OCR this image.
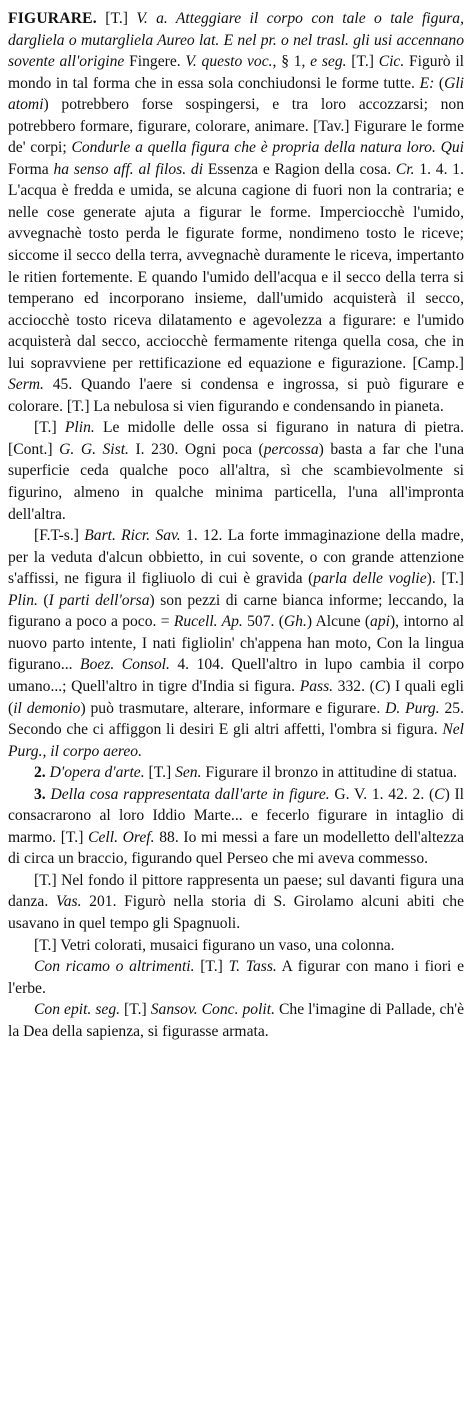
FIGURARE. [T.] V. a. Atteggiare il corpo con tale o tale figura, dargliela o mutargliela Aureo lat. E nel pr. o nel trasl. gli usi accennano sovente all'origine Fingere. V. questo voc., § 1, e seg. [T.] Cic. Figurò il mondo in tal forma che in essa sola conchiudonsi le forme tutte. E: (Gli atomi) potrebbero forse sospingersi, e tra loro accozzarsi; non potrebbero formare, figurare, colorare, animare. [Tav.] Figurare le forme de' corpi; Condurle a quella figura che è propria della natura loro. Qui Forma ha senso aff. al filos. di Essenza e Ragion della cosa. Cr. 1. 4. 1. L'acqua è fredda e umida, se alcuna cagione di fuori non la contraria; e nelle cose generate ajuta a figurar le forme. Imperciocchè l'umido, avvegnachè tosto perda le figurate forme, nondimeno tosto le riceve; siccome il secco della terra, avvegnachè duramente le riceva, impertanto le ritien fortemente. E quando l'umido dell'acqua e il secco della terra si temperano ed incorporano insieme, dall'umido acquisterà il secco, acciocchè tosto riceva dilatamento e agevolezza a figurare: e l'umido acquisterà dal secco, acciocchè fermamente ritenga quella cosa, che in lui sopravviene per rettificazione ed equazione e figurazione. [Camp.] Serm. 45. Quando l'aere si condensa e ingrossa, si può figurare e colorare. [T.] La nebulosa si vien figurando e condensando in pianeta.

[T.] Plin. Le midolle delle ossa si figurano in natura di pietra. [Cont.] G. G. Sist. I. 230. Ogni poca (percossa) basta a far che l'una superficie ceda qualche poco all'altra, sì che scambievolmente si figurino, almeno in qualche minima particella, l'una all'impronta dell'altra.

[F.T-s.] Bart. Ricr. Sav. 1. 12. La forte immaginazione della madre, per la veduta d'alcun obbietto, in cui sovente, o con grande attenzione s'affissi, ne figura il figliuolo di cui è gravida (parla delle voglie). [T.] Plin. (I parti dell'orsa) son pezzi di carne bianca informe; leccando, la figurano a poco a poco. = Rucell. Ap. 507. (Gh.) Alcune (api), intorno al nuovo parto intente, I nati figliolin' ch'appena han moto, Con la lingua figurano... Boez. Consol. 4. 104. Quell'altro in lupo cambia il corpo umano...; Quell'altro in tigre d'India si figura. Pass. 332. (C) I quali egli (il demonio) può trasmutare, alterare, informare e figurare. D. Purg. 25. Secondo che ci affiggon li desiri E gli altri affetti, l'ombra si figura. Nel Purg., il corpo aereo.

2. D'opera d'arte. [T.] Sen. Figurare il bronzo in attitudine di statua.

3. Della cosa rappresentata dall'arte in figure. G. V. 1. 42. 2. (C) Il consacrarono al loro Iddio Marte... e fecerlo figurare in intaglio di marmo. [T.] Cell. Oref. 88. Io mi messi a fare un modelletto dell'altezza di circa un braccio, figurando quel Perseo che mi aveva commesso.

[T.] Nel fondo il pittore rappresenta un paese; sul davanti figura una danza. Vas. 201. Figurò nella storia di S. Girolamo alcuni abiti che usavano in quel tempo gli Spagnuoli.

[T.] Vetri colorati, musaici figurano un vaso, una colonna.

Con ricamo o altrimenti. [T.] T. Tass. A figurar con mano i fiori e l'erbe.

Con epit. seg. [T.] Sansov. Conc. polit. Che l'imagine di Pallade, ch'è la Dea della sapienza, si figurasse armata.
